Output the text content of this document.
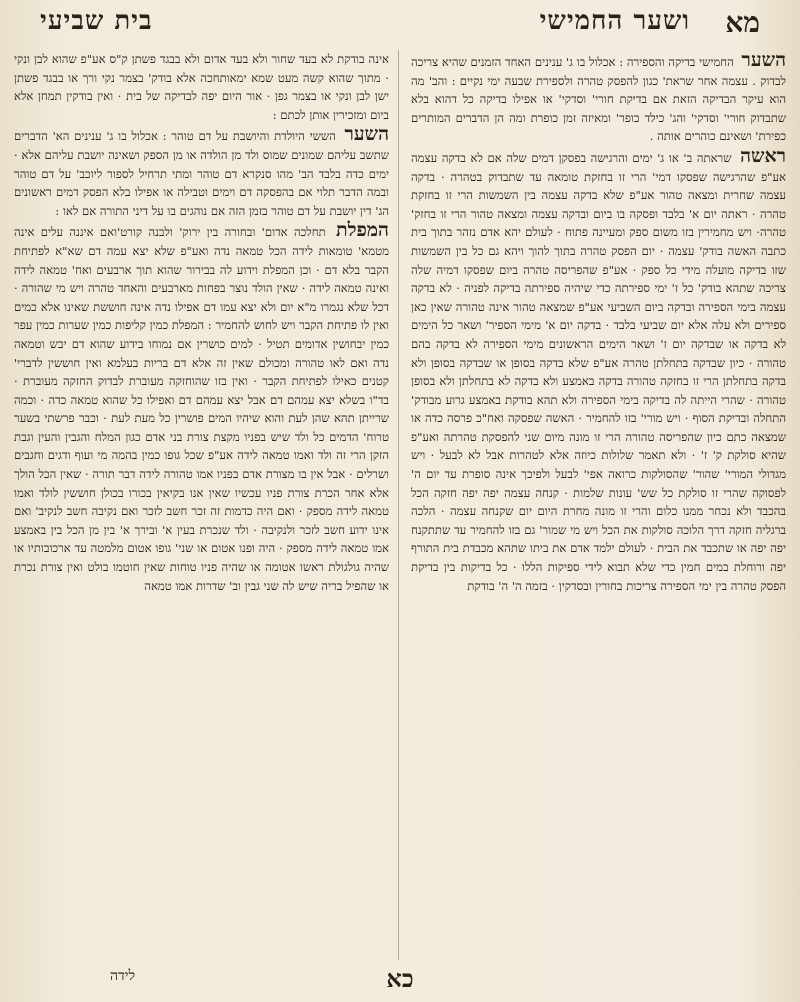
מא
ושער החמישי
בית שביעי

השער החמישי בדיקה והספירה : אכלול בו ג' ענינים האחד הזמנים שהיא צריכה לבדוק . עצמה אחר שראת' כגון להפסק טהרה ולספירת שבעה ימי נקיים : והב' מה הוא עיקר הבדיקה הזאת אם בדיקת חורי' וסדקי' או אפילו בדיקה כל דהוא בלא שתבדוק חורי' וסדקי' והג' כילד כופר' ומאיזה זמן כופרת ומה הן הדברים המותרים כפירת' ושאינם כוהרים אותה .

ראשה שראתה ב' או ג' ימים והרגישה בפסקן דמים שלה אם לא בדקה עצמה אע"פ שהרגישה שפסקו דמי' הרי זו בחזקת טומאה עד שתבדוק בטהרה · בדקה עצמה שחרית ומצאה טהור אע"פ שלא בדקה עצמה בין השמשות הרי זו בחזקת טהרה · ראתה יום א' בלבד ופסקה בו ביום ובדקה עצמה ומצאה טהור הרי זו בחזק' טהרה· ויש מחמירין בזו משום ספק ומעיינה פתוח · לעולם יהא אדם נזהר בתוך בית כתבה האשה בודק' עצמה · יום הפסק טהרה בתוך להוך ויהא גם כל בין השמשות שזו בדיקה מועלה מידי כל ספק · אע"פ שהפריסה טהרה ביום שפסקו דמיה שלה צריכה שתהא בודק' כל ז' ימי ספירתה כדי שיהיה ספירתה בדיקה לפניה · לא בדקה עצמה בימי הספירה ובדקה ביום השביעי אע"פ שמצאה טהור אינה טהורה שאין כאן ספירים ולא עלה אלא יום שביעי בלבד · בדקה יום א' מימי הספיר' ושאר כל הימים לא בדקה או שבדקה יום ז' ושאר הימים הראשונים מימי הספירה לא בדקה בהם טהורה · כיון שבדקה בתחלתן טהרה אע"פ שלא בדקה בסופן או שבדקה בסופן ולא בדקה בתחלתן הרי זו בחזקה טהורה בדקה באמצע ולא בדקה לא בתחלתן ולא בסופן טהורה · שהרי הייתה לה בדיקה בימי הספירה ולא תהא בודקת באמצע גרוע מבודק' התחלה ובדיקת הסוף · ויש מורי' בזו להחמיר · האשה שפסקה ואח"כ פרסה כדה או שמצאה כתם כיון שהפריסה טהורה הרי זו מונה מיום שני להפסקת טהרתה ואע"פ שהיא סולקת ק' ז' · ולא תאמר שלולות כיוזה אלא לטהרות אבל לא לבעל · ויש מגדולי המורי' שהור' שהסולקות כרואה אפי' לבעל ולפיכך אינה סופרת עד יום ה' לפסוקה שהרי זו סולקת כל שש' עונות שלמות · קנחה עצמה יפה יפה חזקה הכל בהכבד ולא נכחר ממנו כלום והרי זו מונה מחרת היום יום שקנחה עצמה · הלכה ברגליה חזקה דרך הלוכה סולקות את הכל ויש מי שמור' גם בזו להחמיר עד שתתקנח יפה יפה או שתכבד את הבית · לעולם ילמד אדם את ביתו שתהא מכבדת בית התורף יפה ורוחלת במים חמין כדי שלא תבוא לידי ספיקות הללו · כל בדיקות בין בדיקת הפסק טהרה בין ימי הספירה צריכות בחורין ובסדקין · בזמה ה' ה' בודקת

אינה בודקת לא בעד שחור ולא בעד אדום ולא בבגד פשתן ק"ס אע"פ שהוא לבן ונקי · מתוך שהוא קשה מעט שמא ימאותחכה אלא בודק' בצמר נקי ורך או בבגד פשתן ישן לבן ונקי או בצמר גפן · אור היום יפה לבדיקה של בית · ואין בודקין תמחן אלא ביום ומזכירין אותן לכתם :

השער הששי היולדת והיושבת על דם טוהר : אכלול בו ג' ענינים הא' הדברים שתשב עליהם שמונים שמוס ולד מן הולדה או מן הספק ושאינה יושבת עליהם אלא · ימים כדה בלבד הב' מהו סנקרא דם טוהר ומתי תרחיל לספור ליוכב' על דם טוהר ובמה הדבר תלוי אם בהפסקה דם וימים וטבילה או אפילו בלא הפסק דמים ראשונים הג' דין יושבת על דם טוהר בזמן הזה אם נוהגים בו על דיני התורה אם לאו :

המפלת תחלכה אדום' ובחורה בין ירוק' ולבנה קורט'ואם איננה עלים אינה מטמא' טומאות לידה הכל טמאה נדה ואע"פ שלא יצא עמה דם שא"א לפתיחת הקבר בלא דם · וכן המפלת וידוע לה בבירור שהוא תוך ארבעים ואח' טמאה לידה ואינה טמאה לידה · שאין הולד נוצר בפחות מארבעים והאחד טהרה ויש מי שהורה · דכל שלא נגמרו מ"א יום ולא יצא עמו דם אפילו נדה אינה חוששת שאינו אלא כמים ואין לו פתיחת הקבר ויש לחוש להחמיר : המפלת כמין קליפות כמין שערות כמין עפר כמין יבחושין אדומים תטיל · למים כושרין אם נמוחו בידוע שהוא דם יבש וטמאה נדה ואם לאו טהורה ומכולם שאין זה אלא דם בריות בעלמא ואין חוששין לדברי' קטנים כאילו לפתיחת הקבר · ואין בזו שהוחזקה מעוברת לבדוק החזקה מעוברת · בד"ו בשלא יצא עמהם דם אבל יצא עמהם דם ואפילו כל שהוא טמאה כדה · וכמה שרייתן תהא שהן לעת והוא שיהיו המים פושרין כל מעת לעת · וכבר פרשתי בשער טרוח' הדמים כל ולד שיש בפניו מקצת צורת בני אדם כגון המלח והגבין והעין וגבת הזקן הרי זה ולד ואמו טמאה לידה אע"פ שכל גופו כמין בהמה מי ועוף ודגים וחגבים ושרלים · אבל אין בו מצורת אדם בפניו אמו טהורה לידה דבר תורה · שאין הכל הולך אלא אחר הכרת צורת פניו עכשיו שאין אנו בקיאין בכורו בכולן חוששין לולד ואמו טמאה לידה מספק · ואם היה כדמות זה זכר חשב לזכר ואם נקיבה חשב לנקיב' ואם אינו ידוע חשב לזכר ולנקיבה · ולד שנכרת בעין א' ובירך א' בין מן הכל בין באמצע אמו טמאה לידה מספק · היה ופנו אטום או שני' גופו אטום מלמטה עד ארכובותיו או שהיה גולגולת ראשו אטומה או שהיה פניו טוחות שאין חוטמו בולט ואין צורת נכרת או שהפיל בריה שיש לה שני גבין וב' שדרות אמו טמאה

כא
לידה
